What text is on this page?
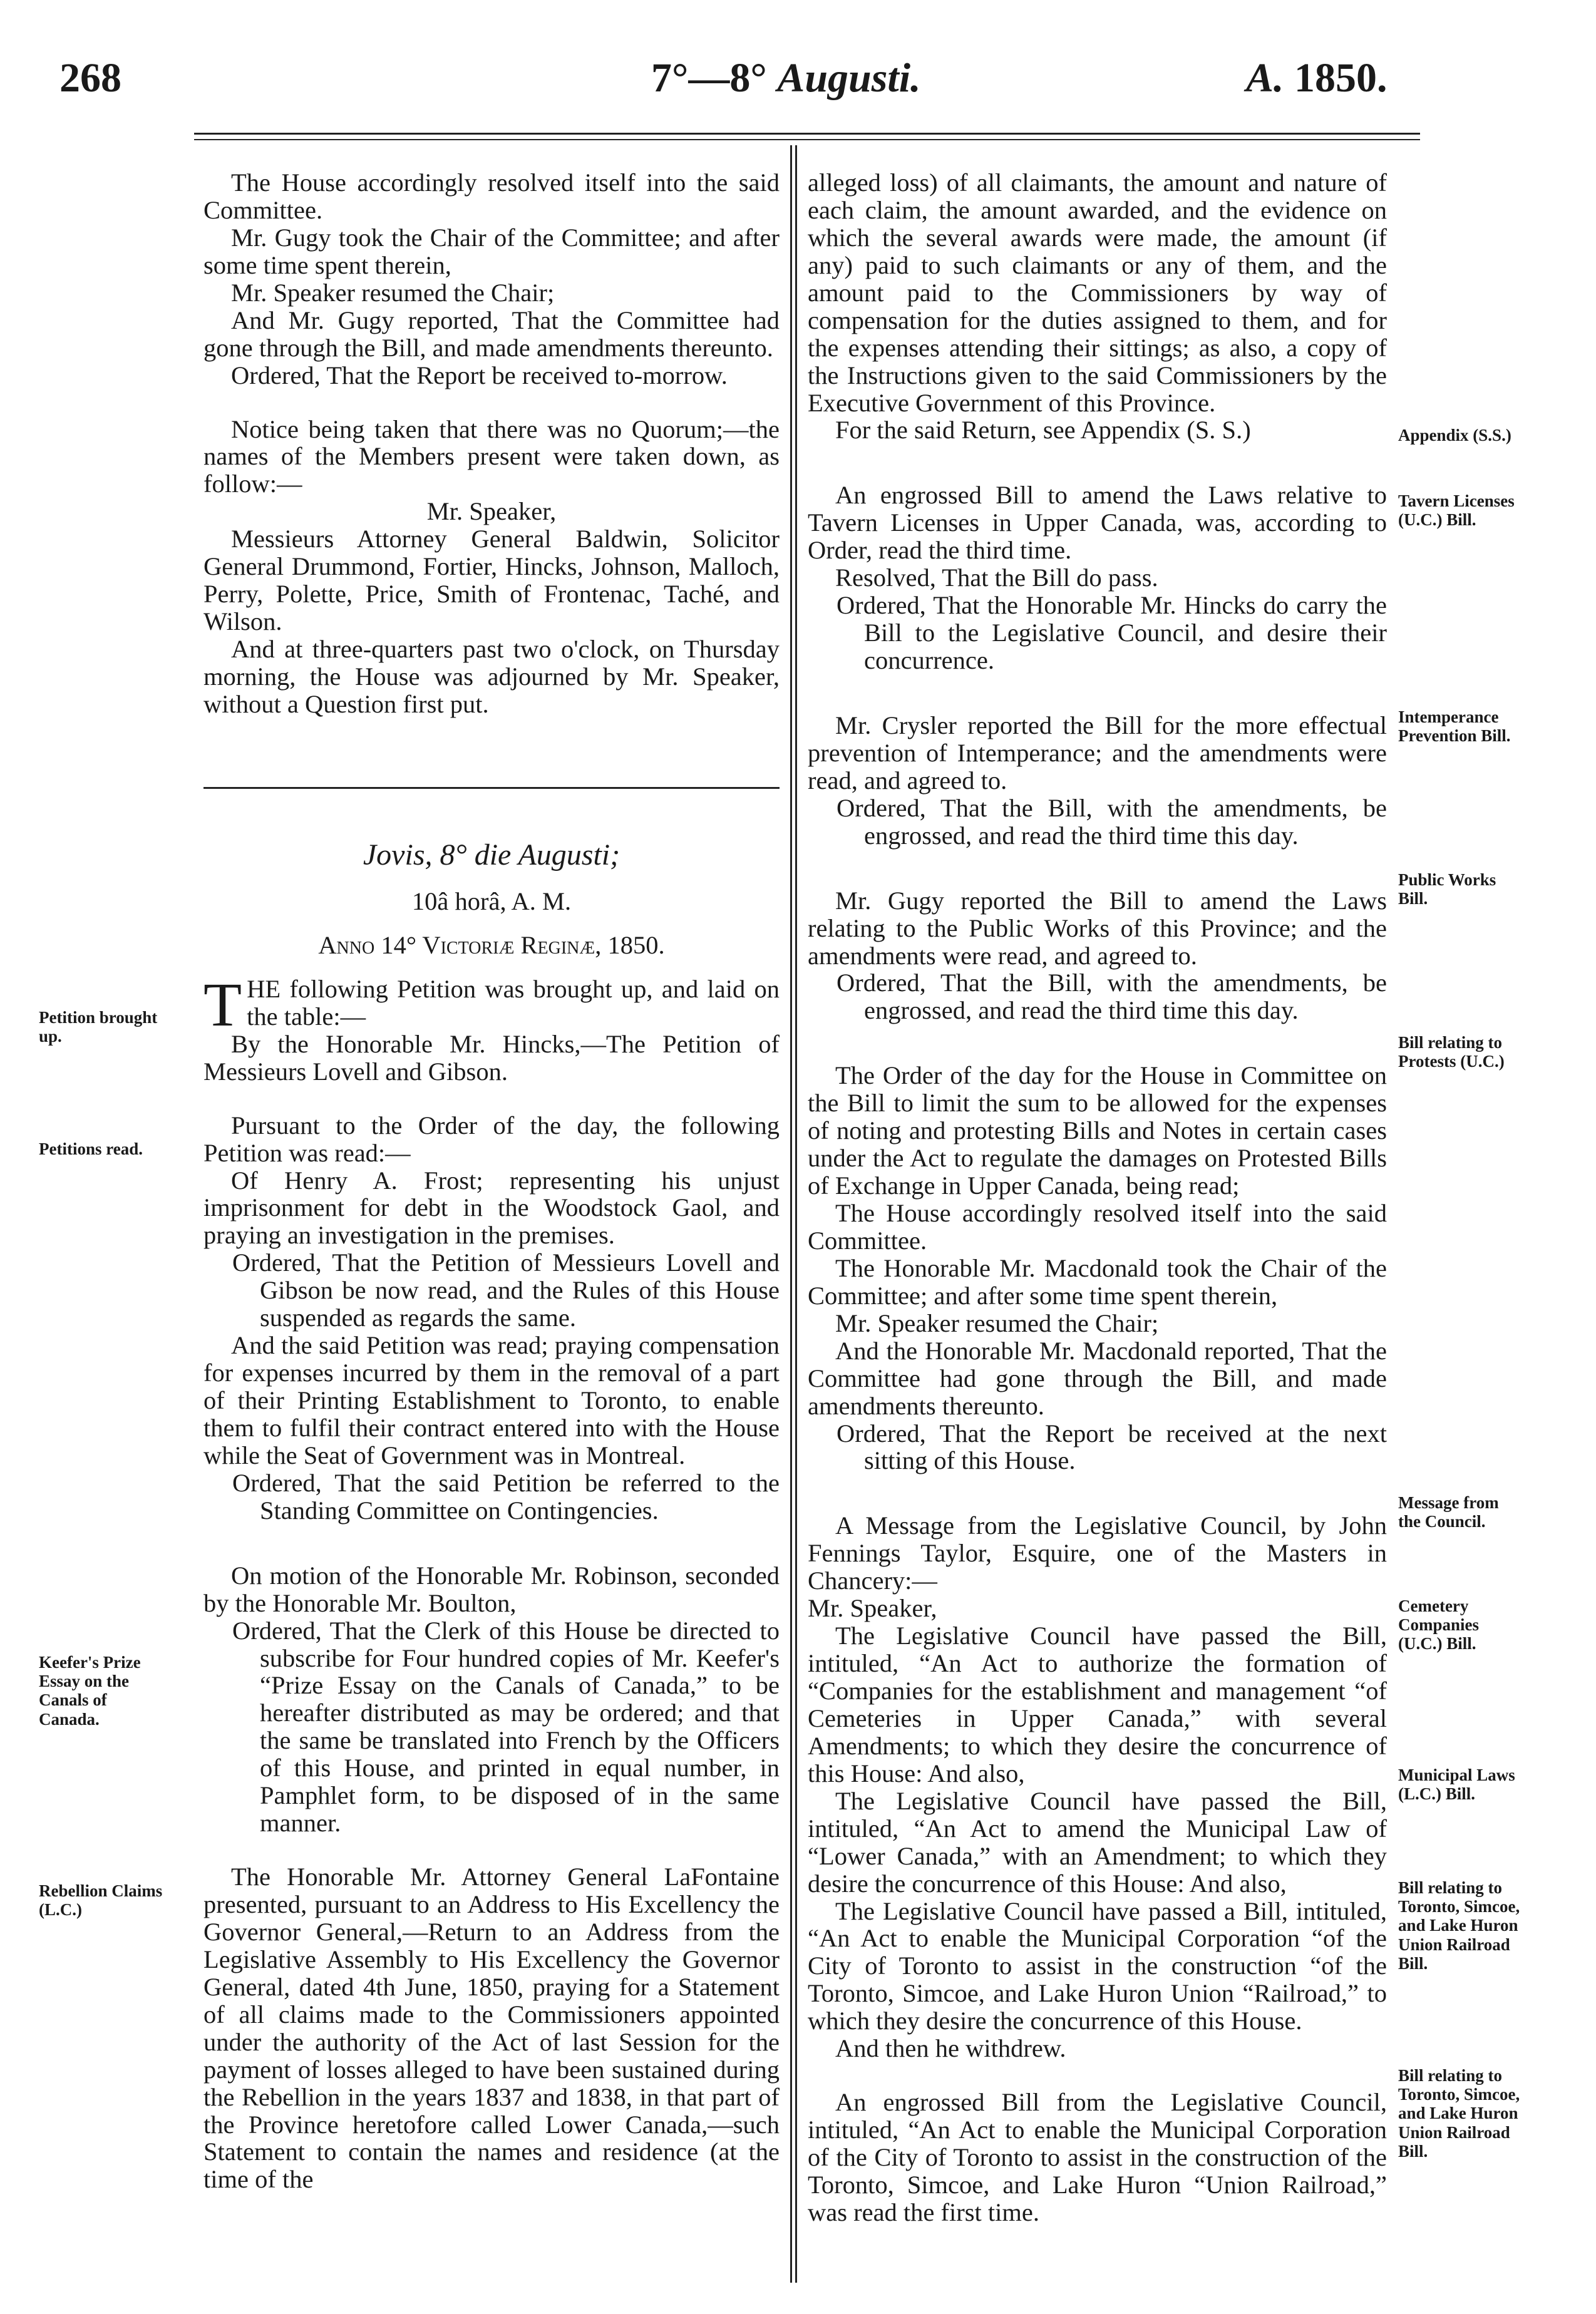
268	7°—8° Augusti.	A. 1850.

The House accordingly resolved itself into the said Committee.

Mr. Gugy took the Chair of the Committee; and after some time spent therein,

Mr. Speaker resumed the Chair;

And Mr. Gugy reported, That the Committee had gone through the Bill, and made amendments thereunto.

Ordered, That the Report be received to-morrow.

Notice being taken that there was no Quorum;—the names of the Members present were taken down, as follow:—

Mr. Speaker,

Messieurs Attorney General Baldwin, Solicitor General Drummond, Fortier, Hincks, Johnson, Malloch, Perry, Polette, Price, Smith of Frontenac, Taché, and Wilson.

And at three-quarters past two o'clock, on Thursday morning, the House was adjourned by Mr. Speaker, without a Question first put.

Jovis, 8° die Augusti;

10â horâ, A. M.

Anno 14° Victoriæ Reginæ, 1850.

THE following Petition was brought up, and laid on the table:—

By the Honorable Mr. Hincks,—The Petition of Messieurs Lovell and Gibson.

Pursuant to the Order of the day, the following Petition was read:—

Of Henry A. Frost; representing his unjust imprisonment for debt in the Woodstock Gaol, and praying an investigation in the premises.

Ordered, That the Petition of Messieurs Lovell and Gibson be now read, and the Rules of this House suspended as regards the same.

And the said Petition was read; praying compensation for expenses incurred by them in the removal of a part of their Printing Establishment to Toronto, to enable them to fulfil their contract entered into with the House while the Seat of Government was in Montreal.

Ordered, That the said Petition be referred to the Standing Committee on Contingencies.

On motion of the Honorable Mr. Robinson, seconded by the Honorable Mr. Boulton,

Ordered, That the Clerk of this House be directed to subscribe for Four hundred copies of Mr. Keefer's “Prize Essay on the Canals of Canada,” to be hereafter distributed as may be ordered; and that the same be translated into French by the Officers of this House, and printed in equal number, in Pamphlet form, to be disposed of in the same manner.

The Honorable Mr. Attorney General LaFontaine presented, pursuant to an Address to His Excellency the Governor General,—Return to an Address from the Legislative Assembly to His Excellency the Governor General, dated 4th June, 1850, praying for a Statement of all claims made to the Commissioners appointed under the authority of the Act of last Session for the payment of losses alleged to have been sustained during the Rebellion in the years 1837 and 1838, in that part of the Province heretofore called Lower Canada,—such Statement to contain the names and residence (at the time of the

alleged loss) of all claimants, the amount and nature of each claim, the amount awarded, and the evidence on which the several awards were made, the amount (if any) paid to such claimants or any of them, and the amount paid to the Commissioners by way of compensation for the duties assigned to them, and for the expenses attending their sittings; as also, a copy of the Instructions given to the said Commissioners by the Executive Government of this Province.

For the said Return, see Appendix (S. S.)

An engrossed Bill to amend the Laws relative to Tavern Licenses in Upper Canada, was, according to Order, read the third time.

Resolved, That the Bill do pass.

Ordered, That the Honorable Mr. Hincks do carry the Bill to the Legislative Council, and desire their concurrence.

Mr. Crysler reported the Bill for the more effectual prevention of Intemperance; and the amendments were read, and agreed to.

Ordered, That the Bill, with the amendments, be engrossed, and read the third time this day.

Mr. Gugy reported the Bill to amend the Laws relating to the Public Works of this Province; and the amendments were read, and agreed to.

Ordered, That the Bill, with the amendments, be engrossed, and read the third time this day.

The Order of the day for the House in Committee on the Bill to limit the sum to be allowed for the expenses of noting and protesting Bills and Notes in certain cases under the Act to regulate the damages on Protested Bills of Exchange in Upper Canada, being read;

The House accordingly resolved itself into the said Committee.

The Honorable Mr. Macdonald took the Chair of the Committee; and after some time spent therein,

Mr. Speaker resumed the Chair;

And the Honorable Mr. Macdonald reported, That the Committee had gone through the Bill, and made amendments thereunto.

Ordered, That the Report be received at the next sitting of this House.

A Message from the Legislative Council, by John Fennings Taylor, Esquire, one of the Masters in Chancery:—

Mr. Speaker,

The Legislative Council have passed the Bill, intituled, “An Act to authorize the formation of “Companies for the establishment and management “of Cemeteries in Upper Canada,” with several Amendments; to which they desire the concurrence of this House: And also,

The Legislative Council have passed the Bill, intituled, “An Act to amend the Municipal Law of “Lower Canada,” with an Amendment; to which they desire the concurrence of this House: And also,

The Legislative Council have passed a Bill, intituled, “An Act to enable the Municipal Corporation “of the City of Toronto to assist in the construction “of the Toronto, Simcoe, and Lake Huron Union “Railroad,” to which they desire the concurrence of this House.

And then he withdrew.

An engrossed Bill from the Legislative Council, intituled, “An Act to enable the Municipal Corporation of the City of Toronto to assist in the construction of the Toronto, Simcoe, and Lake Huron “Union Railroad,” was read the first time.

Petition brought up.
Petitions read.
Keefer's Prize Essay on the Canals of Canada.
Rebellion Claims (L.C.)
Appendix (S.S.)
Tavern Licenses (U.C.) Bill.
Intemperance Prevention Bill.
Public Works Bill.
Bill relating to Protests (U.C.)
Message from the Council.
Cemetery Companies (U.C.) Bill.
Municipal Laws (L.C.) Bill.
Bill relating to Toronto, Simcoe, and Lake Huron Union Railroad Bill.
Bill relating to Toronto, Simcoe, and Lake Huron Union Railroad Bill.
